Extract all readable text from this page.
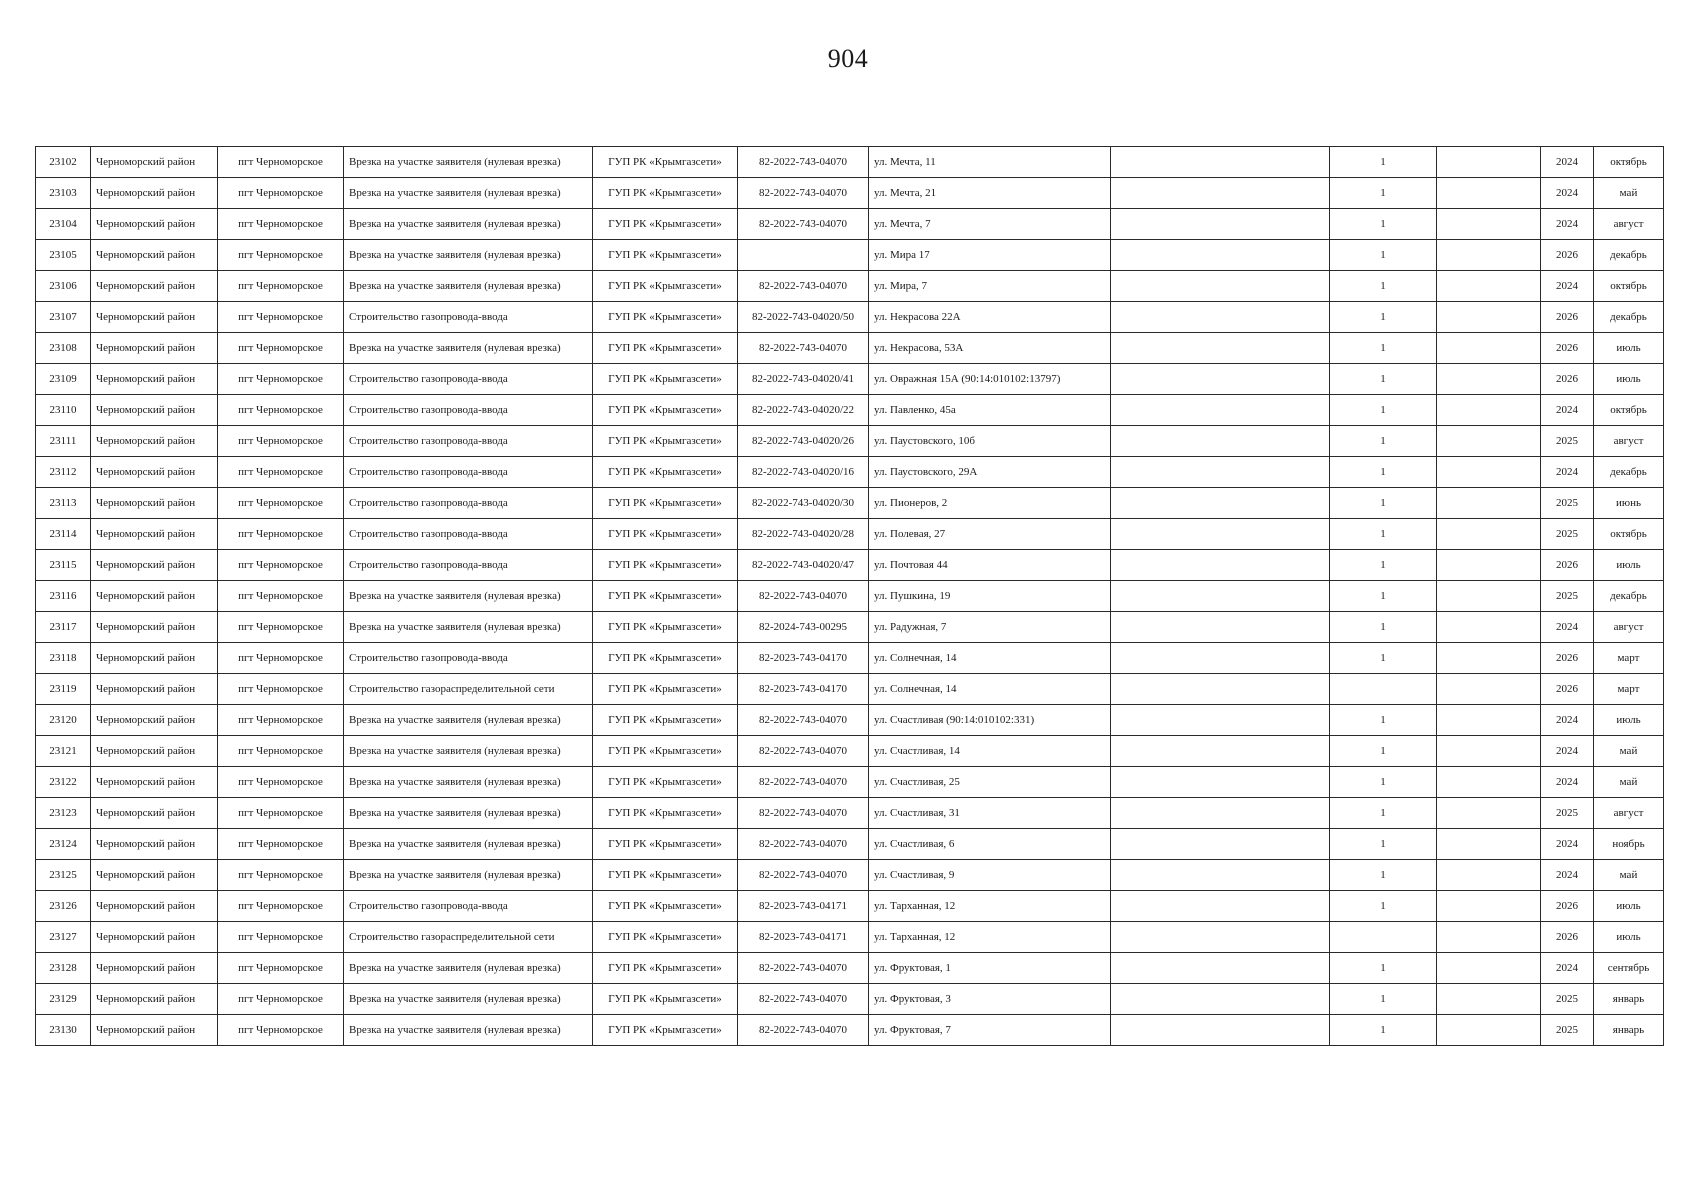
904
23102	Черноморский район	пгт Черноморское	Врезка на участке заявителя (нулевая врезка)	ГУП РК «Крымгазсети»	82-2022-743-04070	ул. Мечта, 11		1		2024	октябрь
23103	Черноморский район	пгт Черноморское	Врезка на участке заявителя (нулевая врезка)	ГУП РК «Крымгазсети»	82-2022-743-04070	ул. Мечта, 21		1		2024	май
23104	Черноморский район	пгт Черноморское	Врезка на участке заявителя (нулевая врезка)	ГУП РК «Крымгазсети»	82-2022-743-04070	ул. Мечта, 7		1		2024	август
23105	Черноморский район	пгт Черноморское	Врезка на участке заявителя (нулевая врезка)	ГУП РК «Крымгазсети»		ул. Мира 17		1		2026	декабрь
23106	Черноморский район	пгт Черноморское	Врезка на участке заявителя (нулевая врезка)	ГУП РК «Крымгазсети»	82-2022-743-04070	ул. Мира, 7		1		2024	октябрь
23107	Черноморский район	пгт Черноморское	Строительство газопровода-ввода	ГУП РК «Крымгазсети»	82-2022-743-04020/50	ул. Некрасова 22А		1		2026	декабрь
23108	Черноморский район	пгт Черноморское	Врезка на участке заявителя (нулевая врезка)	ГУП РК «Крымгазсети»	82-2022-743-04070	ул. Некрасова, 53А		1		2026	июль
23109	Черноморский район	пгт Черноморское	Строительство газопровода-ввода	ГУП РК «Крымгазсети»	82-2022-743-04020/41	ул. Овражная 15А (90:14:010102:13797)		1		2026	июль
23110	Черноморский район	пгт Черноморское	Строительство газопровода-ввода	ГУП РК «Крымгазсети»	82-2022-743-04020/22	ул. Павленко, 45а		1		2024	октябрь
23111	Черноморский район	пгт Черноморское	Строительство газопровода-ввода	ГУП РК «Крымгазсети»	82-2022-743-04020/26	ул. Паустовского, 10б		1		2025	август
23112	Черноморский район	пгт Черноморское	Строительство газопровода-ввода	ГУП РК «Крымгазсети»	82-2022-743-04020/16	ул. Паустовского, 29А		1		2024	декабрь
23113	Черноморский район	пгт Черноморское	Строительство газопровода-ввода	ГУП РК «Крымгазсети»	82-2022-743-04020/30	ул. Пионеров, 2		1		2025	июнь
23114	Черноморский район	пгт Черноморское	Строительство газопровода-ввода	ГУП РК «Крымгазсети»	82-2022-743-04020/28	ул. Полевая, 27		1		2025	октябрь
23115	Черноморский район	пгт Черноморское	Строительство газопровода-ввода	ГУП РК «Крымгазсети»	82-2022-743-04020/47	ул. Почтовая 44		1		2026	июль
23116	Черноморский район	пгт Черноморское	Врезка на участке заявителя (нулевая врезка)	ГУП РК «Крымгазсети»	82-2022-743-04070	ул. Пушкина, 19		1		2025	декабрь
23117	Черноморский район	пгт Черноморское	Врезка на участке заявителя (нулевая врезка)	ГУП РК «Крымгазсети»	82-2024-743-00295	ул. Радужная, 7		1		2024	август
23118	Черноморский район	пгт Черноморское	Строительство газопровода-ввода	ГУП РК «Крымгазсети»	82-2023-743-04170	ул. Солнечная, 14		1		2026	март
23119	Черноморский район	пгт Черноморское	Строительство газораспределительной сети	ГУП РК «Крымгазсети»	82-2023-743-04170	ул. Солнечная, 14				2026	март
23120	Черноморский район	пгт Черноморское	Врезка на участке заявителя (нулевая врезка)	ГУП РК «Крымгазсети»	82-2022-743-04070	ул. Счастливая (90:14:010102:331)		1		2024	июль
23121	Черноморский район	пгт Черноморское	Врезка на участке заявителя (нулевая врезка)	ГУП РК «Крымгазсети»	82-2022-743-04070	ул. Счастливая, 14		1		2024	май
23122	Черноморский район	пгт Черноморское	Врезка на участке заявителя (нулевая врезка)	ГУП РК «Крымгазсети»	82-2022-743-04070	ул. Счастливая, 25		1		2024	май
23123	Черноморский район	пгт Черноморское	Врезка на участке заявителя (нулевая врезка)	ГУП РК «Крымгазсети»	82-2022-743-04070	ул. Счастливая, 31		1		2025	август
23124	Черноморский район	пгт Черноморское	Врезка на участке заявителя (нулевая врезка)	ГУП РК «Крымгазсети»	82-2022-743-04070	ул. Счастливая, 6		1		2024	ноябрь
23125	Черноморский район	пгт Черноморское	Врезка на участке заявителя (нулевая врезка)	ГУП РК «Крымгазсети»	82-2022-743-04070	ул. Счастливая, 9		1		2024	май
23126	Черноморский район	пгт Черноморское	Строительство газопровода-ввода	ГУП РК «Крымгазсети»	82-2023-743-04171	ул. Тарханная, 12		1		2026	июль
23127	Черноморский район	пгт Черноморское	Строительство газораспределительной сети	ГУП РК «Крымгазсети»	82-2023-743-04171	ул. Тарханная, 12				2026	июль
23128	Черноморский район	пгт Черноморское	Врезка на участке заявителя (нулевая врезка)	ГУП РК «Крымгазсети»	82-2022-743-04070	ул. Фруктовая, 1		1		2024	сентябрь
23129	Черноморский район	пгт Черноморское	Врезка на участке заявителя (нулевая врезка)	ГУП РК «Крымгазсети»	82-2022-743-04070	ул. Фруктовая, 3		1		2025	январь
23130	Черноморский район	пгт Черноморское	Врезка на участке заявителя (нулевая врезка)	ГУП РК «Крымгазсети»	82-2022-743-04070	ул. Фруктовая, 7		1		2025	январь
